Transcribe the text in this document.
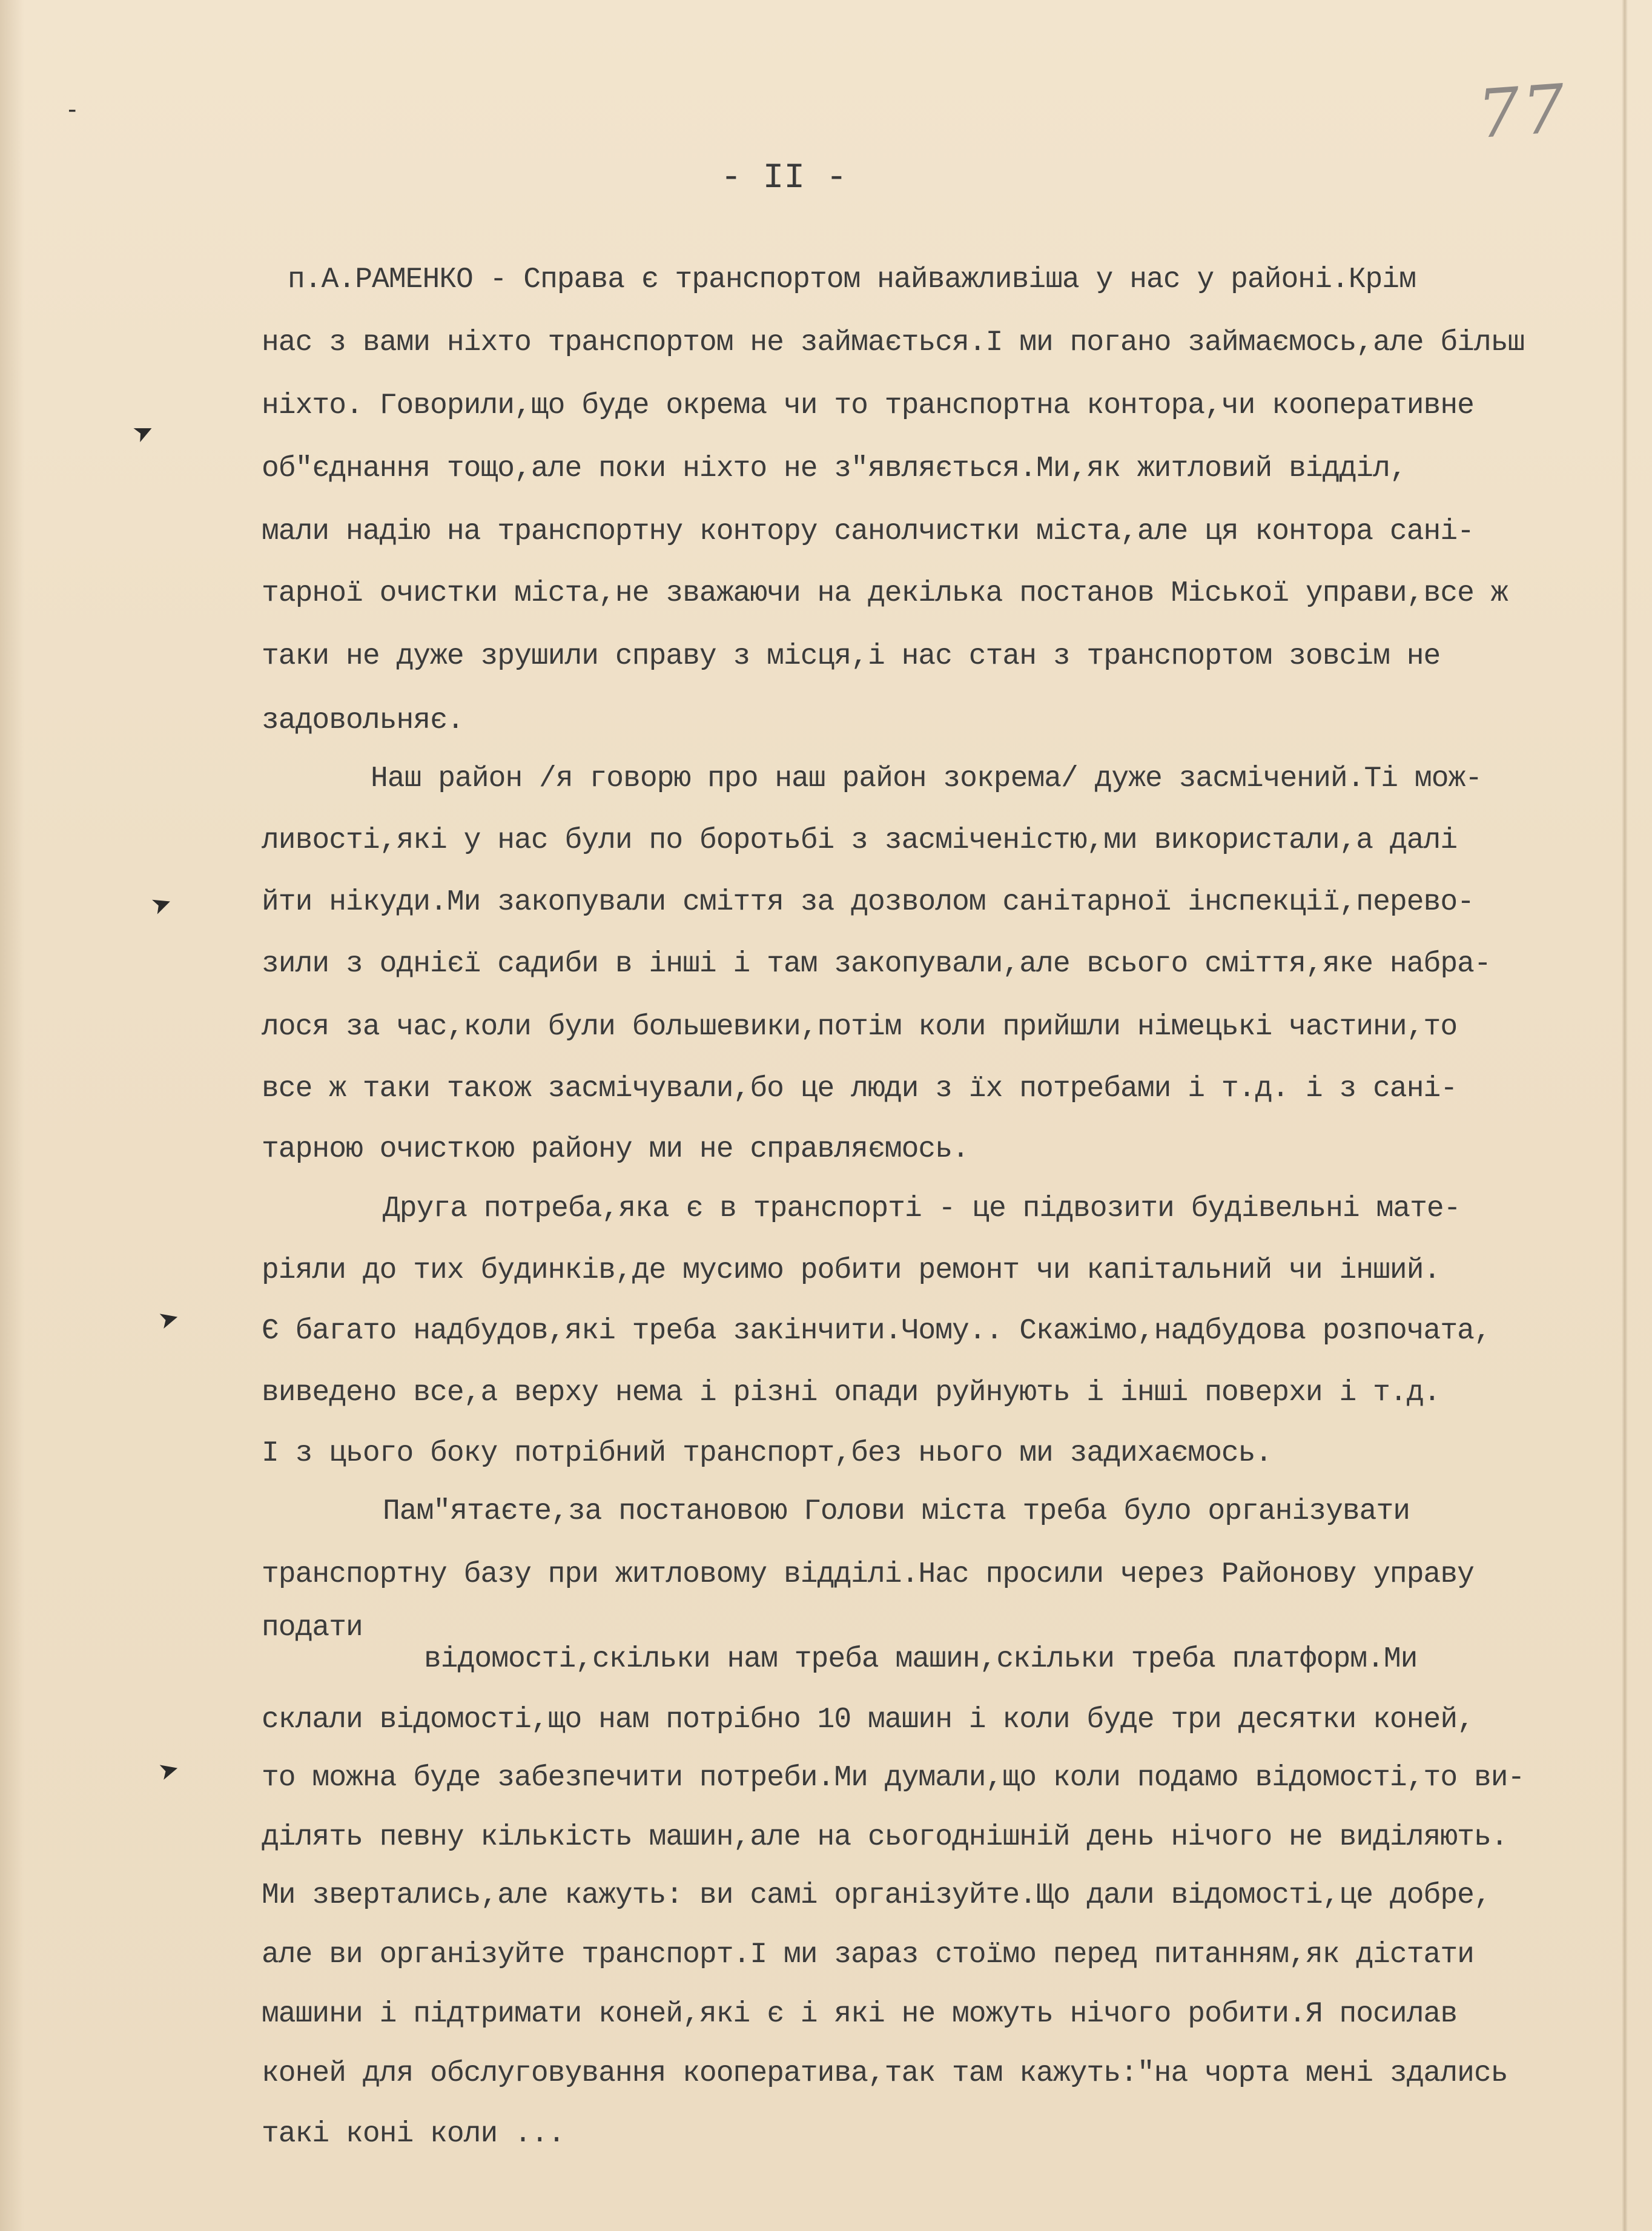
77
- II -
-
➤
➤
➤
➤
п.А.РАМЕНКО - Справа є транспортом найважливіша у нас у районі.Крім
нас з вами ніхто транспортом не займається.І ми погано займаємось,але більш
ніхто. Говорили,що буде окрема чи то транспортна контора,чи кооперативне
об"єднання тощо,але поки ніхто не з"являється.Ми,як житловий відділ,
мали надію на транспортну контору санолчистки міста,але ця контора сані-
тарної очистки міста,не зважаючи на декілька постанов Міської управи,все ж
таки не дуже зрушили справу з місця,і нас стан з транспортом зовсім не
задовольняє.
Наш район /я говорю про наш район зокрема/ дуже засмічений.Ті мож-
ливості,які у нас були по боротьбі з засміченістю,ми використали,а далі
йти нікуди.Ми закопували сміття за дозволом санітарної інспекції,перево-
зили з однієї садиби в інші і там закопували,але всього сміття,яке набра-
лося за час,коли були большевики,потім коли прийшли німецькі частини,то
все ж таки також засмічували,бо це люди з їх потребами і т.д. і з сані-
тарною очисткою району ми не справляємось.
Друга потреба,яка є в транспорті - це підвозити будівельні мате-
ріяли до тих будинків,де мусимо робити ремонт чи капітальний чи інший.
Є багато надбудов,які треба закінчити.Чому.. Скажімо,надбудова розпочата,
виведено все,а верху нема і різні опади руйнують і інші поверхи і т.д.
І з цього боку потрібний транспорт,без нього ми задихаємось.
Пам"ятаєте,за постановою Голови міста треба було організувати
транспортну базу при житловому відділі.Нас просили через Районову управу
подати
відомості,скільки нам треба машин,скільки треба платформ.Ми
склали відомості,що нам потрібно 10 машин і коли буде три десятки коней,
то можна буде забезпечити потреби.Ми думали,що коли подамо відомості,то ви-
ділять певну кількість машин,але на сьогоднішній день нічого не виділяють.
Ми звертались,але кажуть: ви самі організуйте.Що дали відомості,це добре,
але ви організуйте транспорт.І ми зараз стоїмо перед питанням,як дістати
машини і підтримати коней,які є і які не можуть нічого робити.Я посилав
коней для обслуговування кооператива,так там кажуть:"на чорта мені здались
такі коні коли ...
